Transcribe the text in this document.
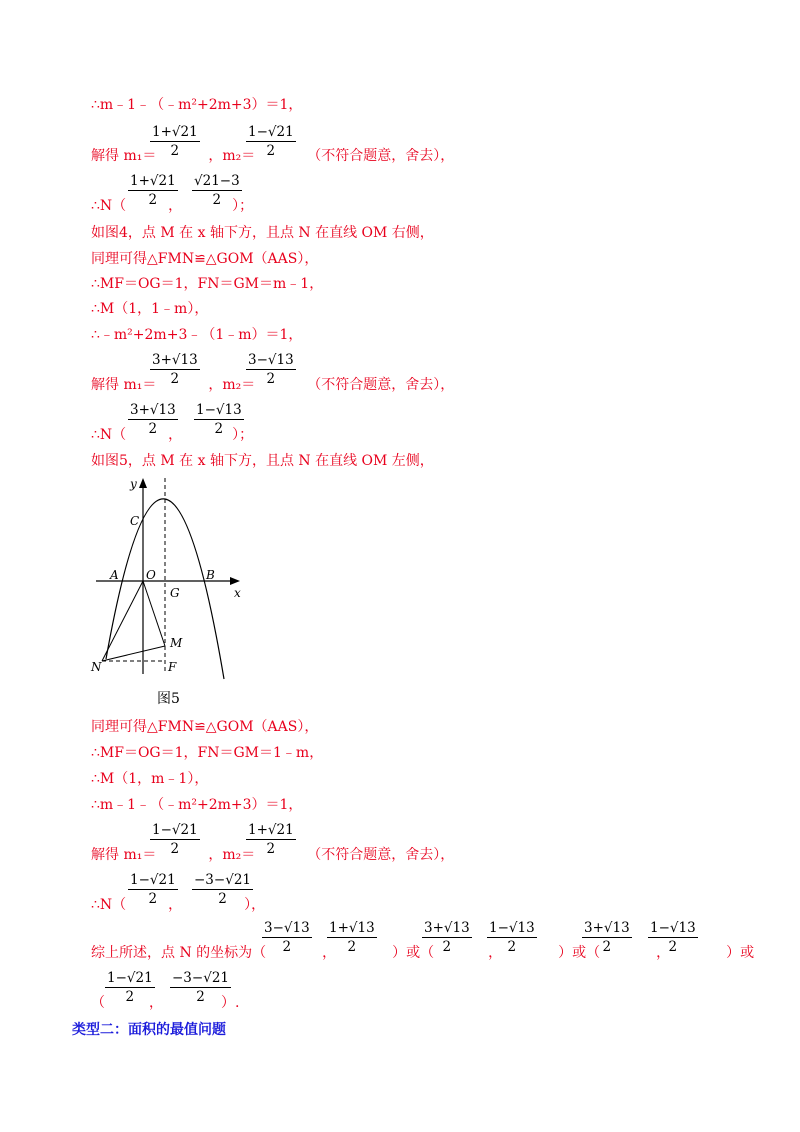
∴m﹣1﹣（﹣m²+2m+3）＝1，
$\frac{1+√21}{2}$	$\frac{1-√21}{2}$
解得 m₁＝	，m₂＝	（不符合题意，舍去），
$\frac{1+√21}{2} \frac{√21-3}{2}$
∴N（	，	）；
如图4，点 M 在 x 轴下方，且点 N 在直线 OM 右侧，
同理可得△FMN≌△GOM（AAS），
∴MF＝OG＝1，FN＝GM＝m﹣1，
∴M（1，1﹣m），
∴﹣m²+2m+3﹣（1﹣m）＝1，
$\frac{3+√13}{2}$	$\frac{3-√13}{2}$
解得 m₁＝	，m₂＝	（不符合题意，舍去），
$\frac{3+√13}{2} \frac{1-√13}{2}$
∴N（	，	）；
如图5，点 M 在 x 轴下方，且点 N 在直线 OM 左侧，
y
x
C
A O	B
G
M
N	F
图5
同理可得△FMN≌△GOM（AAS），
∴MF＝OG＝1，FN＝GM＝1﹣m，
∴M（1，m﹣1），
∴m﹣1﹣（﹣m²+2m+3）＝1，
$\frac{1-√21}{2}$	$\frac{1+√21}{2}$
解得 m₁＝	，m₂＝	（不符合题意，舍去），
$\frac{1-√21}{2} \frac{-3-√21}{2}$
∴N（	，	），
$\frac{3-√13}{2} \frac{1+√13}{2}$	$\frac{3+√13}{2} \frac{1-√13}{2}$	$\frac{3+√13}{2} \frac{1-√13}{2}$
综上所述，点 N 的坐标为（	，	）或（	，	）或（	，	）或
$\frac{1-√21}{2} \frac{-3-√21}{2}$
（	，	）.
类型二：面积的最值问题
